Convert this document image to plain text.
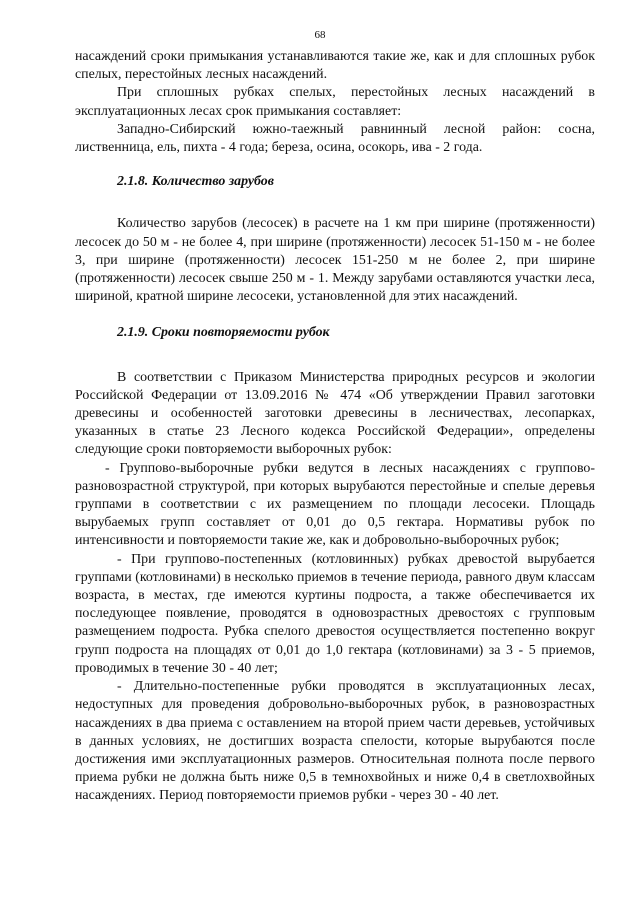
68

насаждений сроки примыкания устанавливаются такие же, как и для сплошных рубок спелых, перестойных лесных насаждений.

При сплошных рубках спелых, перестойных лесных насаждений в эксплуатационных лесах срок примыкания составляет:

Западно-Сибирский южно-таежный равнинный лесной район: сосна, лиственница, ель, пихта - 4 года; береза, осина, осокорь, ива - 2 года.

2.1.8. Количество зарубов

Количество зарубов (лесосек) в расчете на 1 км при ширине (протяженности) лесосек до 50 м - не более 4, при ширине (протяженности) лесосек 51-150 м - не более 3, при ширине (протяженности) лесосек 151-250 м не более 2, при ширине (протяженности) лесосек свыше 250 м - 1. Между зарубами оставляются участки леса, шириной, кратной ширине лесосеки, установленной для этих насаждений.

2.1.9. Сроки повторяемости рубок

В соответствии с Приказом Министерства природных ресурсов и экологии Российской Федерации от 13.09.2016 № 474 «Об утверждении Правил заготовки древесины и особенностей заготовки древесины в лесничествах, лесопарках, указанных в статье 23 Лесного кодекса Российской Федерации», определены следующие сроки повторяемости выборочных рубок:

- Группово-выборочные рубки ведутся в лесных насаждениях с группово-разновозрастной структурой, при которых вырубаются перестойные и спелые деревья группами в соответствии с их размещением по площади лесосеки. Площадь вырубаемых групп составляет от 0,01 до 0,5 гектара. Нормативы рубок по интенсивности и повторяемости такие же, как и добровольно-выборочных рубок;

- При группово-постепенных (котловинных) рубках древостой вырубается группами (котловинами) в несколько приемов в течение периода, равного двум классам возраста, в местах, где имеются куртины подроста, а также обеспечивается их последующее появление, проводятся в одновозрастных древостоях с групповым размещением подроста. Рубка спелого древостоя осуществляется постепенно вокруг групп подроста на площадях от 0,01 до 1,0 гектара (котловинами) за 3 - 5 приемов, проводимых в течение 30 - 40 лет;

- Длительно-постепенные рубки проводятся в эксплуатационных лесах, недоступных для проведения добровольно-выборочных рубок, в разновозрастных насаждениях в два приема с оставлением на второй прием части деревьев, устойчивых в данных условиях, не достигших возраста спелости, которые вырубаются после достижения ими эксплуатационных размеров. Относительная полнота после первого приема рубки не должна быть ниже 0,5 в темнохвойных и ниже 0,4 в светлохвойных насаждениях. Период повторяемости приемов рубки - через 30 - 40 лет.
